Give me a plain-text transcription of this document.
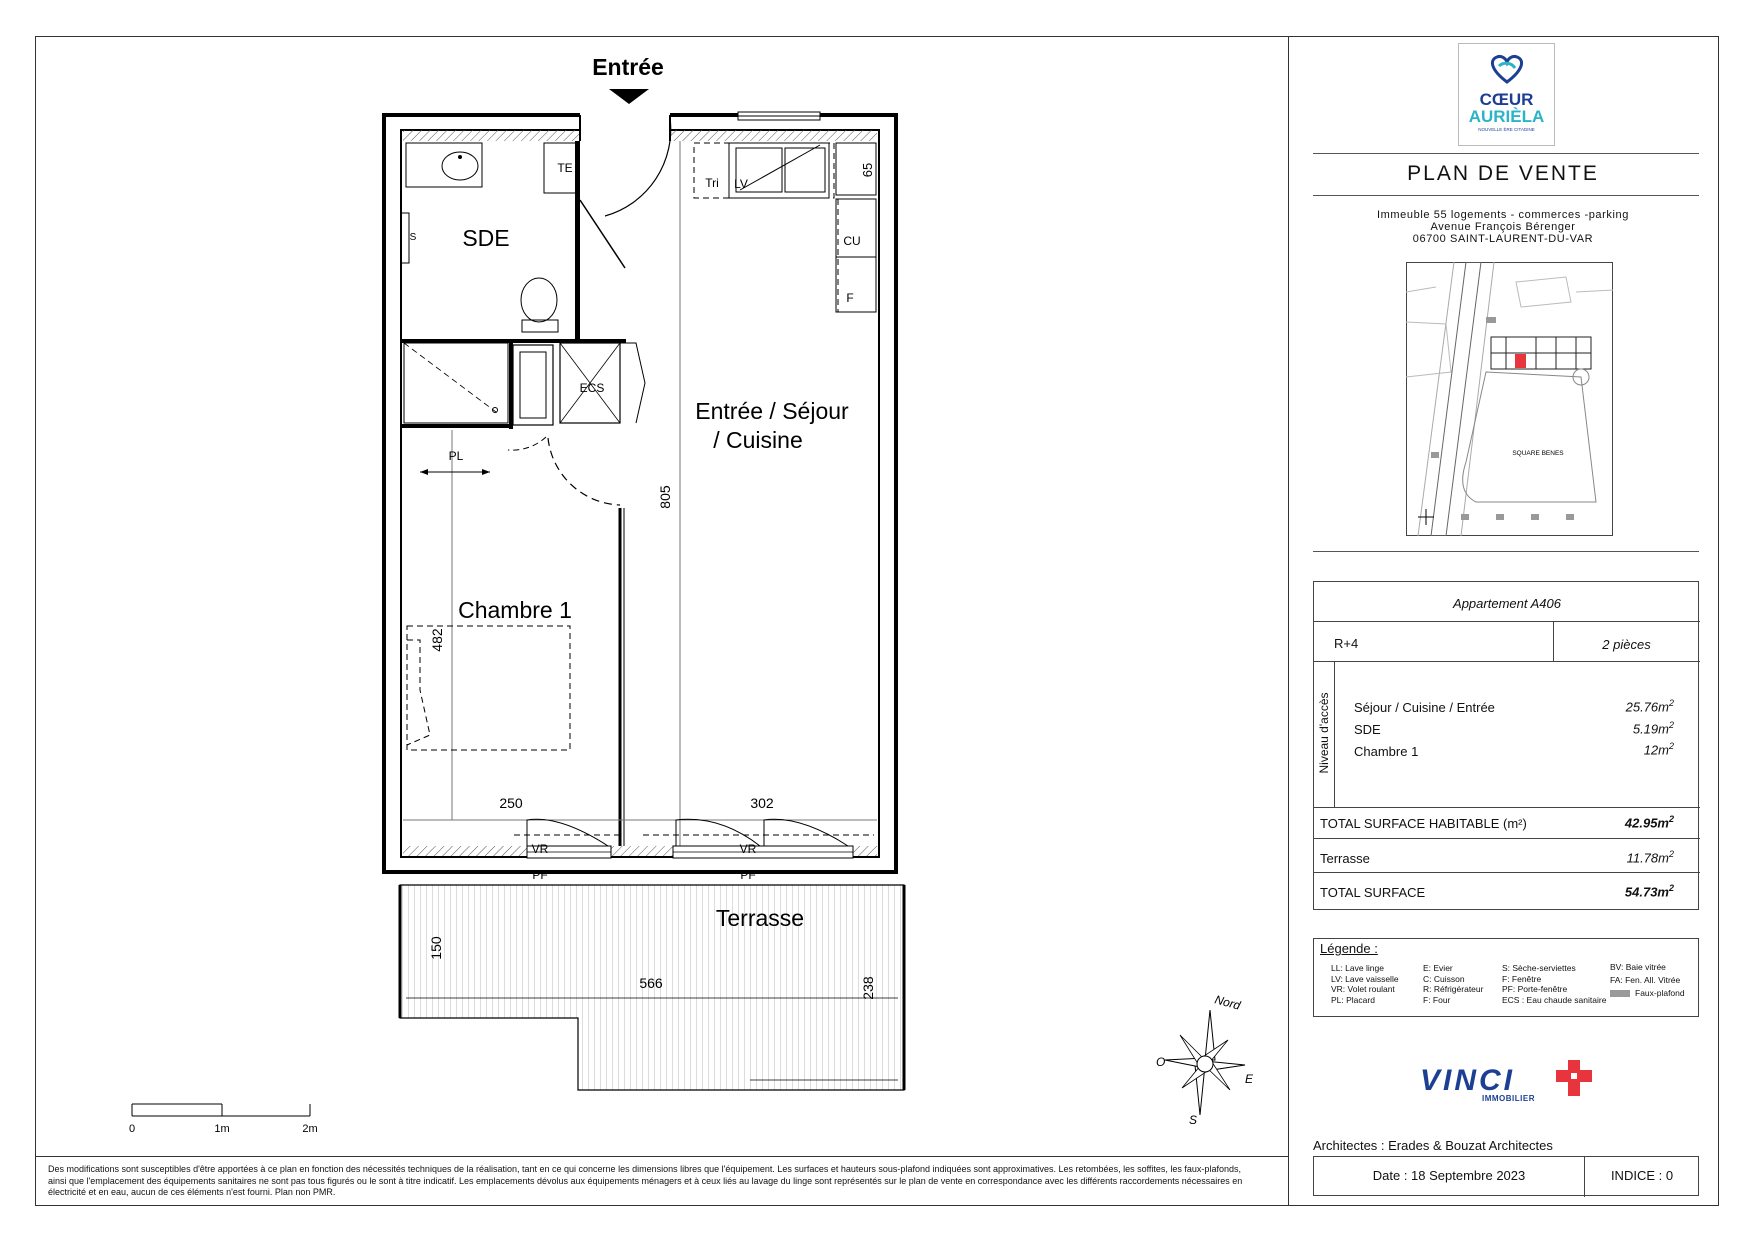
Entrée
SDE
Entrée / Séjour
/ Cuisine
Chambre 1
Terrasse
TE
Tri LV
65
CU
F
S
ECS
PL
VR	VR
PF	PF
805
482
250	302
150
566	238
0	1m	2m
Nord
E
S
O
CŒUR
AURIÈLA
NOUVELLE ÈRE CITADINE
PLAN DE VENTE
Immeuble 55 logements - commerces -parking
Avenue François Bérenger
06700 SAINT-LAURENT-DU-VAR
SQUARE BENES
Appartement A406
R+4	2 pièces
Niveau d'accès Séjour / Cuisine / Entrée	$25.76m^2$
SDE	$5.19m^2$
Chambre 1	$12m^2$
TOTAL SURFACE HABITABLE (m²)	$42.95m^2$
Terrasse	$11.78m^2$
TOTAL SURFACE	$54.73m^2$
Légende :
LL: Lave linge
LV: Lave vaisselle
VR: Volet roulant
PL: Placard
E: Evier
C: Cuisson
R: Réfrigérateur
F: Four
S: Sèche-serviettes
F: Fenêtre
PF: Porte-fenêtre
ECS : Eau chaude sanitaire
BV: Baie vitrée
FA: Fen. All. Vitrée
Faux-plafond
VINCI
IMMOBILIER
Architectes : Erades & Bouzat Architectes
Date : 18 Septembre 2023	INDICE : 0
Des modifications sont susceptibles d'être apportées à ce plan en fonction des nécessités techniques de la réalisation, tant en ce qui concerne les dimensions libres que l'équipement. Les surfaces et hauteurs sous-plafond indiquées sont approximatives. Les retombées, les soffites, les faux-plafonds, ainsi que l'emplacement des équipements sanitaires ne sont pas tous figurés ou le sont à titre indicatif. Les emplacements dévolus aux équipements ménagers et à ceux liés au lavage du linge sont représentés sur le plan de vente en correspondance avec les différents raccordements nécessaires en électricité et en eau, aucun de ces éléments n'est fourni. Plan non PMR.
